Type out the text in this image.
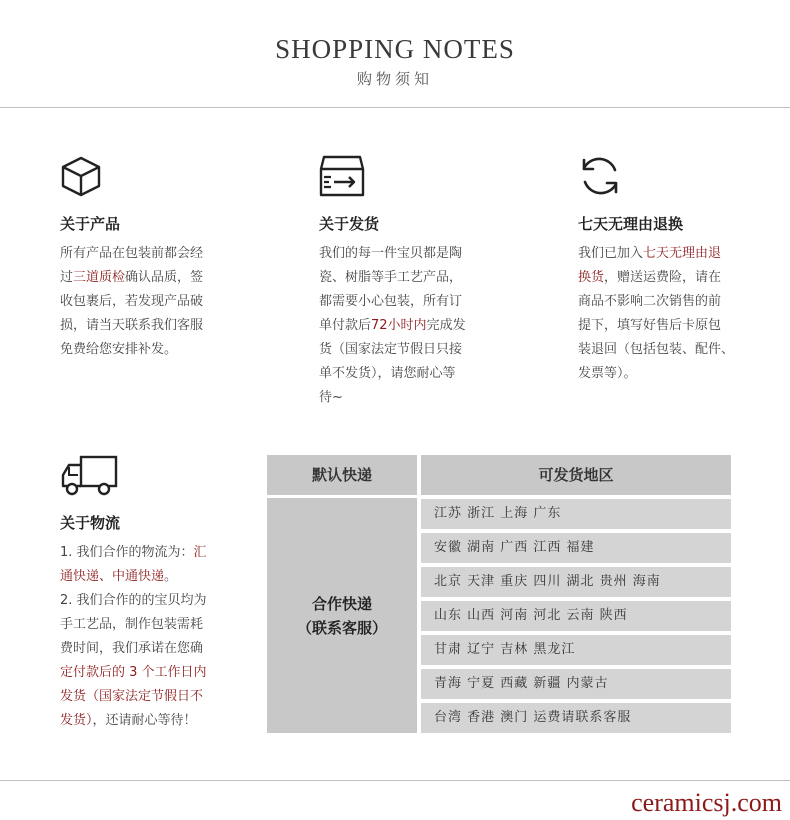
SHOPPING NOTES
购物须知
关于产品
所有产品在包装前都会经
过三道质检确认品质，签
收包裹后，若发现产品破
损，请当天联系我们客服
免费给您安排补发。
关于发货
我们的每一件宝贝都是陶
瓷、树脂等手工艺产品，
都需要小心包装，所有订
单付款后72小时内完成发
货（国家法定节假日只接
单不发货），请您耐心等
待~
七天无理由退换
我们已加入七天无理由退
换货，赠送运费险，请在
商品不影响二次销售的前
提下，填写好售后卡原包
装退回（包括包装、配件、
发票等）。
关于物流
1. 我们合作的物流为：汇
通快递、中通快递。
2. 我们合作的的宝贝均为
手工艺品，制作包装需耗
费时间，我们承诺在您确
定付款后的 3 个工作日内
发货（国家法定节假日不
发货），还请耐心等待！
默认快递	可发货地区
合作快递
（联系客服）
江苏 浙江 上海 广东
安徽 湖南 广西 江西 福建
北京 天津 重庆 四川 湖北 贵州 海南
山东 山西 河南 河北 云南 陕西
甘肃 辽宁 吉林 黑龙江
青海 宁夏 西藏 新疆 内蒙古
台湾 香港 澳门 运费请联系客服
ceramicsj.com
